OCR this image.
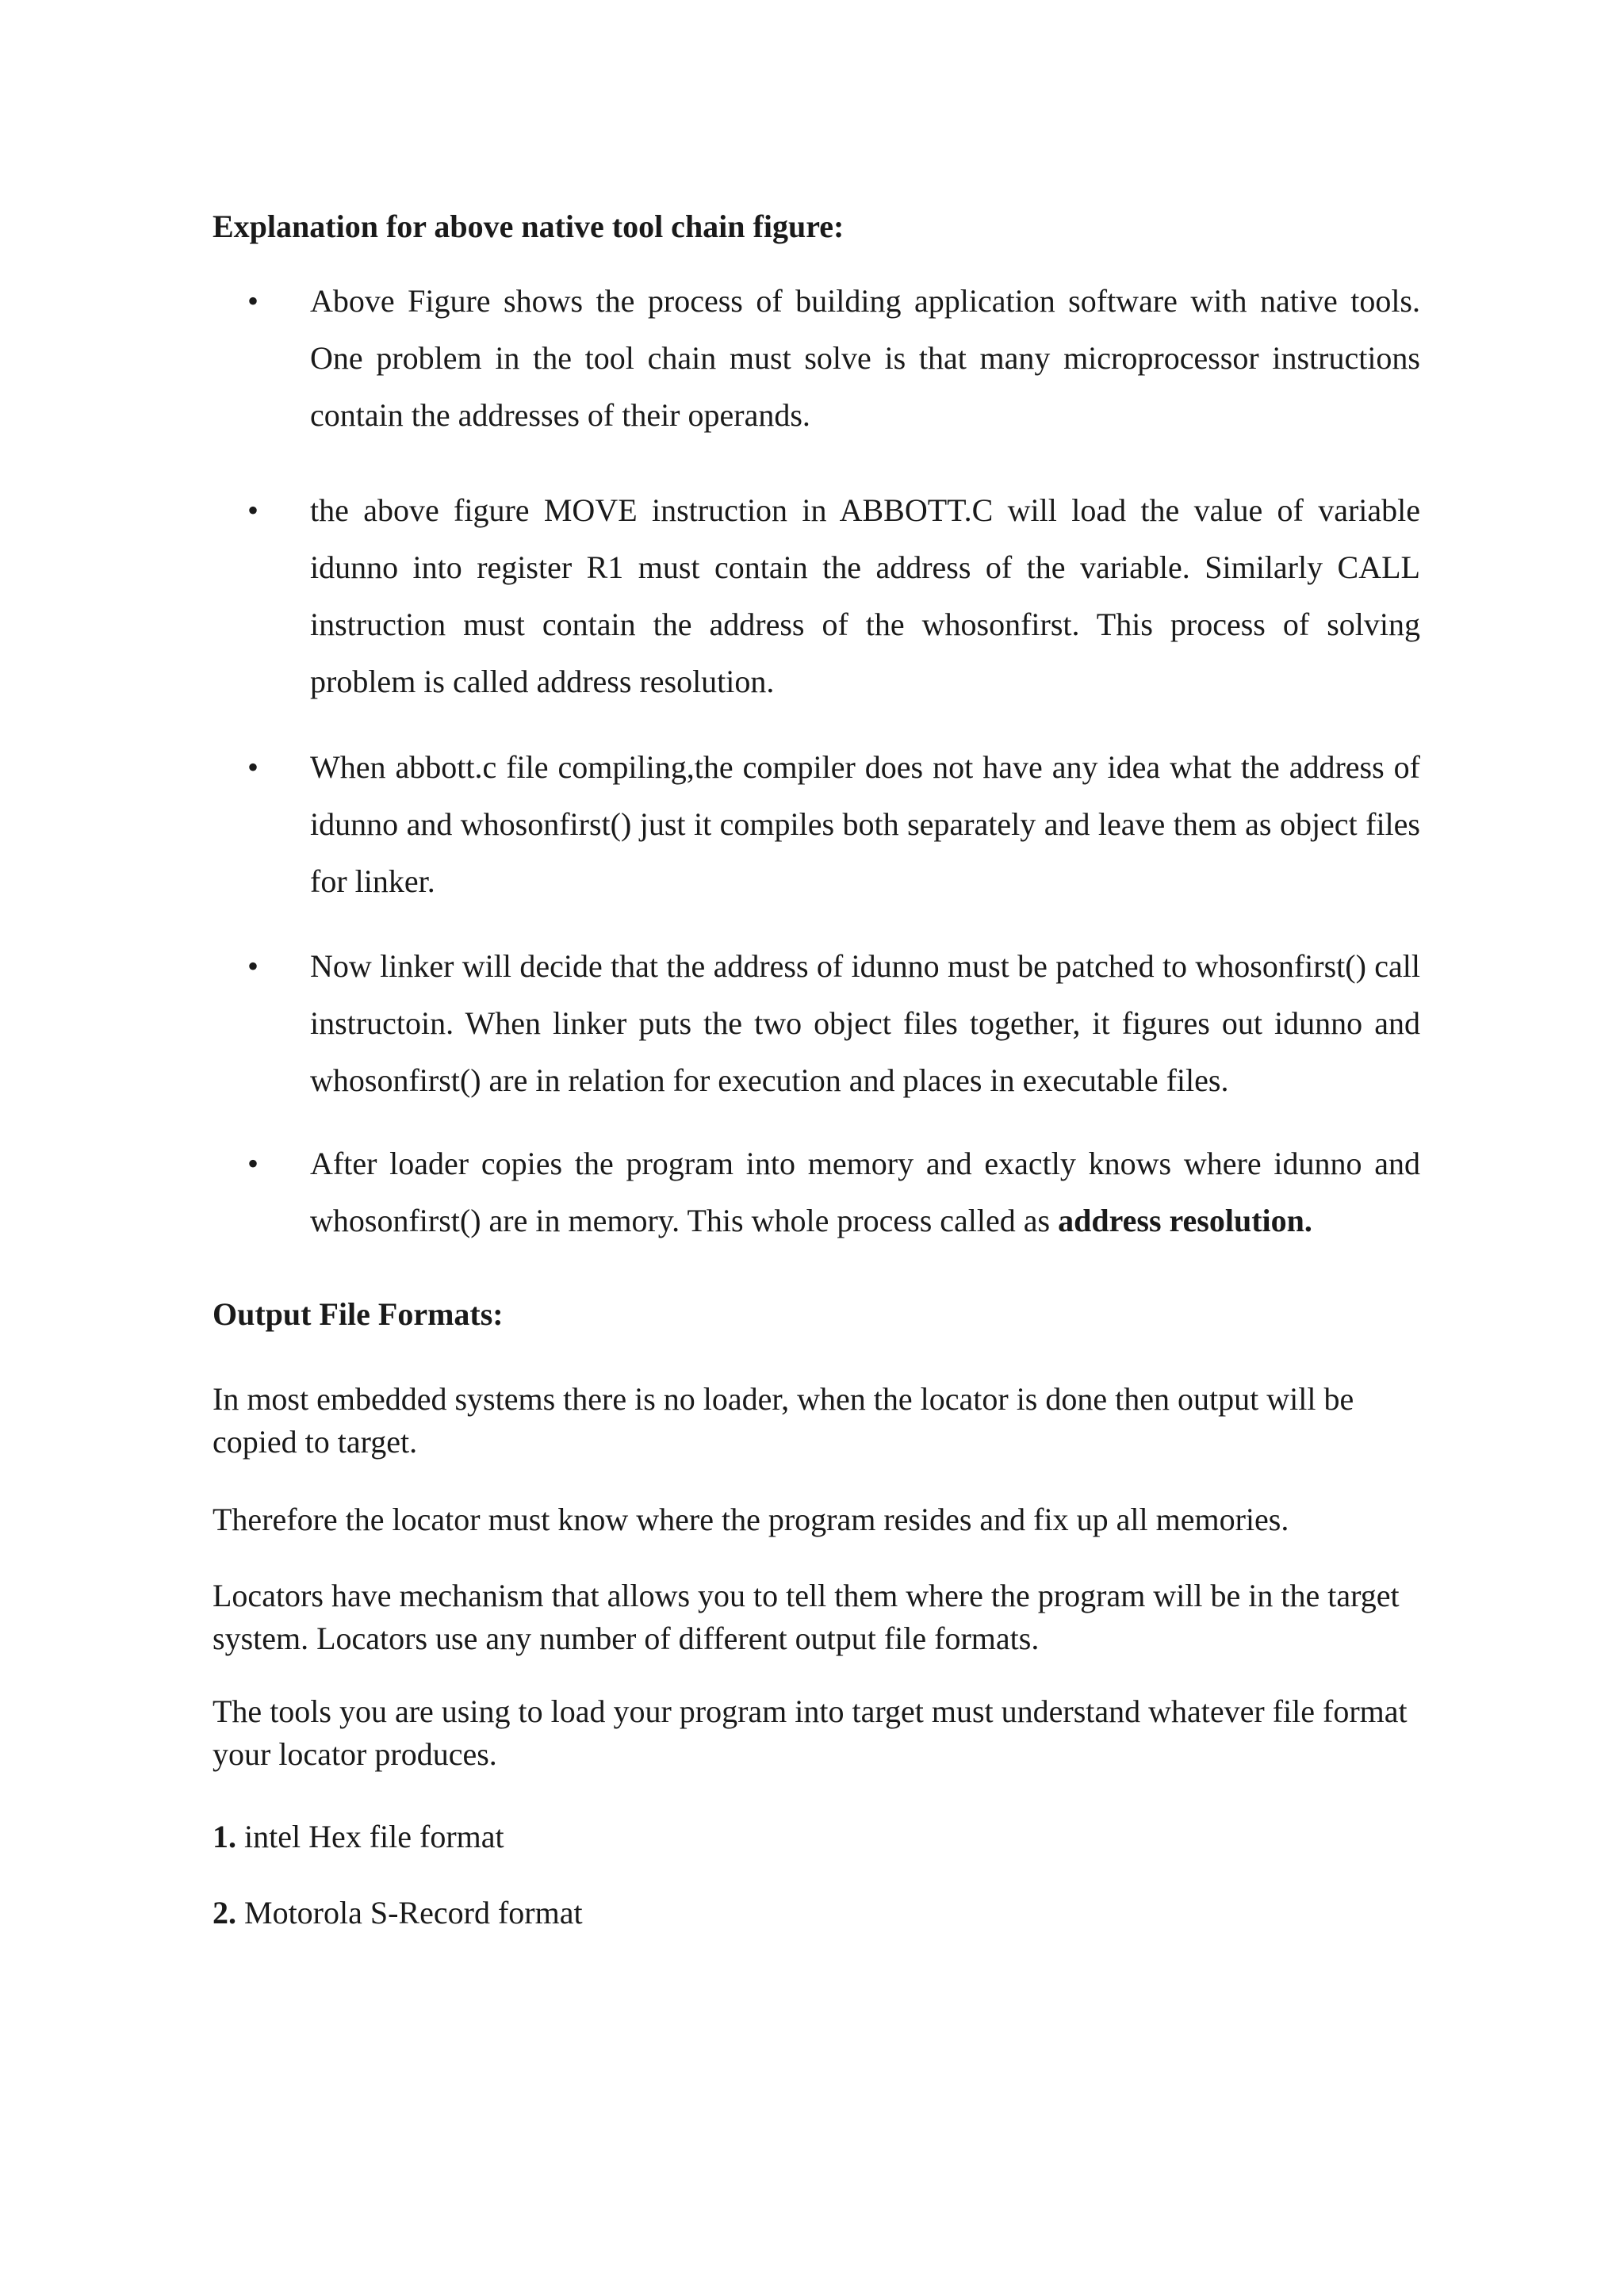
Explanation for above native tool chain figure:
• Above Figure shows the process of building application software with native tools. One problem in the tool chain must solve is that many microprocessor instructions contain the addresses of their operands.

• the above figure MOVE instruction in ABBOTT.C will load the value of variable idunno into register R1 must contain the address of the variable. Similarly CALL instruction must contain the address of the whosonfirst. This process of solving problem is called address resolution.

• When abbott.c file compiling,the compiler does not have any idea what the address of idunno and whosonfirst() just it compiles both separately and leave them as object files for linker.

• Now linker will decide that the address of idunno must be patched to whosonfirst() call instructoin. When linker puts the two object files together, it figures out idunno and whosonfirst() are in relation for execution and places in executable files.

• After loader copies the program into memory and exactly knows where idunno and whosonfirst() are in memory. This whole process called as address resolution.

Output File Formats:

In most embedded systems there is no loader, when the locator is done then output will be copied to target.

Therefore the locator must know where the program resides and fix up all memories.

Locators have mechanism that allows you to tell them where the program will be in the target system. Locators use any number of different output file formats.

The tools you are using to load your program into target must understand whatever file format your locator produces.

1. intel Hex file format

2. Motorola S-Record format
